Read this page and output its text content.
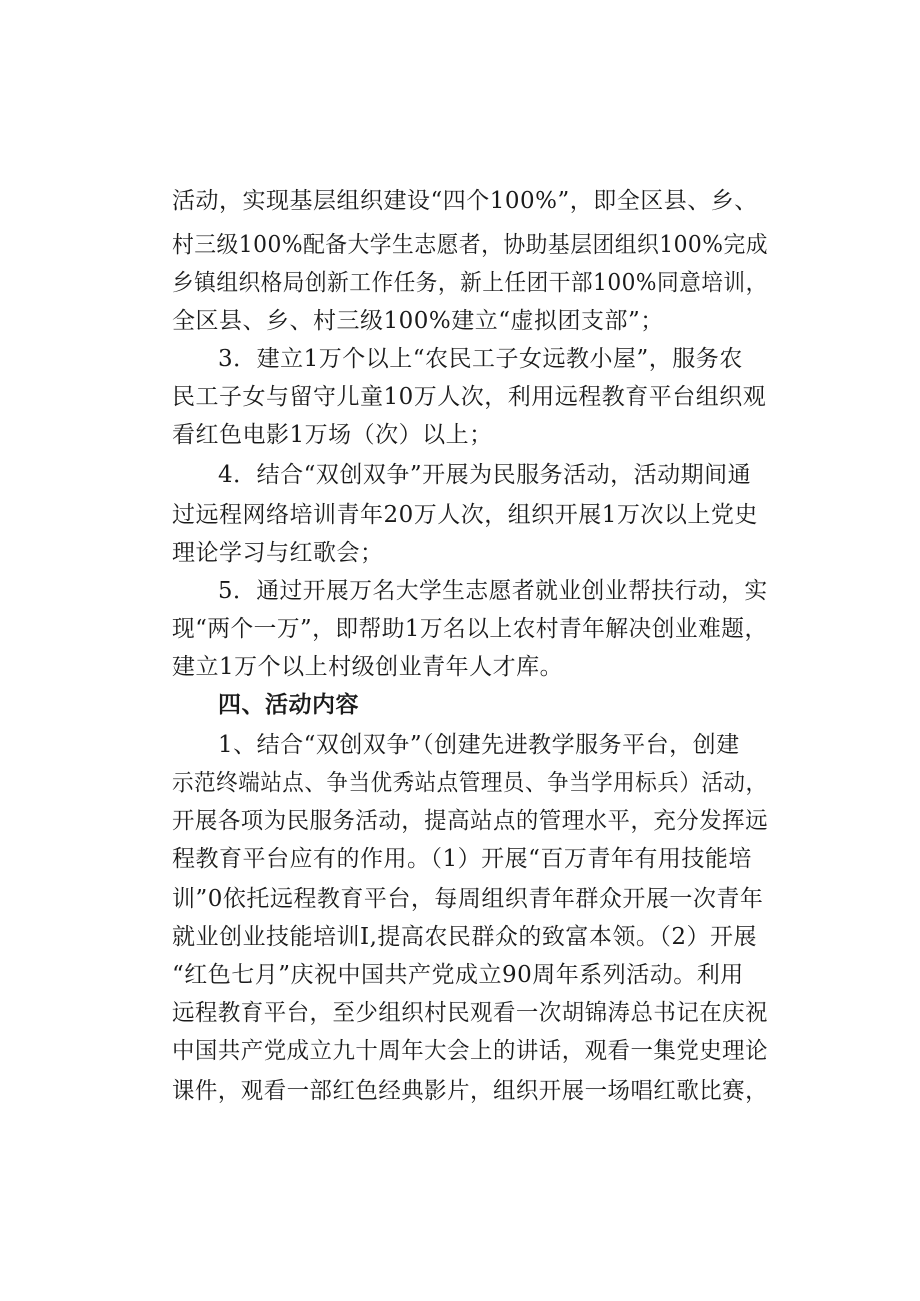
活动，实现基层组织建设“四个100%”，即全区县、乡、
村三级100%配备大学生志愿者，协助基层团组织100%完成
乡镇组织格局创新工作任务，新上任团干部100%同意培训，
全区县、乡、村三级100%建立“虚拟团支部”；
3．建立1万个以上“农民工子女远教小屋”，服务农
民工子女与留守儿童10万人次，利用远程教育平台组织观
看红色电影1万场（次）以上；
4．结合“双创双争”开展为民服务活动，活动期间通
过远程网络培训青年20万人次，组织开展1万次以上党史
理论学习与红歌会；
5．通过开展万名大学生志愿者就业创业帮扶行动，实
现“两个一万”，即帮助1万名以上农村青年解决创业难题，
建立1万个以上村级创业青年人才库。
四、活动内容
1、结合“双创双争”（创建先进教学服务平台，创建
示范终端站点、争当优秀站点管理员、争当学用标兵）活动，
开展各项为民服务活动，提高站点的管理水平，充分发挥远
程教育平台应有的作用。（1）开展“百万青年有用技能培
训”0依托远程教育平台，每周组织青年群众开展一次青年
就业创业技能培训I,提高农民群众的致富本领。（2）开展
“红色七月”庆祝中国共产党成立90周年系列活动。利用
远程教育平台，至少组织村民观看一次胡锦涛总书记在庆祝
中国共产党成立九十周年大会上的讲话，观看一集党史理论
课件，观看一部红色经典影片，组织开展一场唱红歌比赛，
